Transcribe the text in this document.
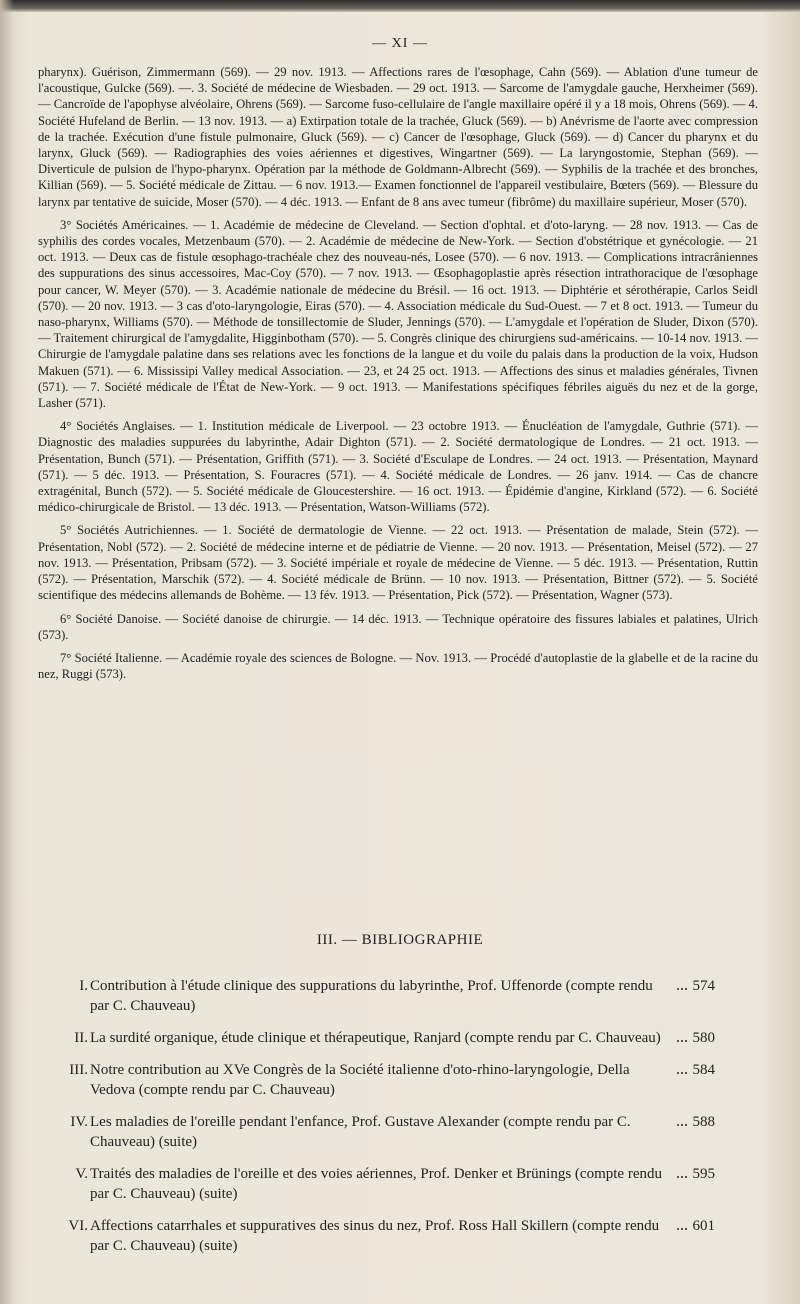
— XI —

pharynx). Guérison, Zimmermann (569). — 29 nov. 1913. — Affections rares de l'œsophage, Cahn (569). — Ablation d'une tumeur de l'acoustique, Gulcke (569). —. 3. Société de médecine de Wiesbaden. — 29 oct. 1913. — Sarcome de l'amygdale gauche, Herxheimer (569). — Cancroïde de l'apophyse alvéolaire, Ohrens (569). — Sarcome fuso-cellulaire de l'angle maxillaire opéré il y a 18 mois, Ohrens (569). — 4. Société Hufeland de Berlin. — 13 nov. 1913. — a) Extirpation totale de la trachée, Gluck (569). — b) Anévrisme de l'aorte avec compression de la trachée. Exécution d'une fistule pulmonaire, Gluck (569). — c) Cancer de l'œsophage, Gluck (569). — d) Cancer du pharynx et du larynx, Gluck (569). — Radiographies des voies aériennes et digestives, Wingartner (569). — La laryngostomie, Stephan (569). — Diverticule de pulsion de l'hypo-pharynx. Opération par la méthode de Goldmann-Albrecht (569). — Syphilis de la trachée et des bronches, Killian (569). — 5. Société médicale de Zittau. — 6 nov. 1913.— Examen fonctionnel de l'appareil vestibulaire, Bœters (569). — Blessure du larynx par tentative de suicide, Moser (570). — 4 déc. 1913. — Enfant de 8 ans avec tumeur (fibrôme) du maxillaire supérieur, Moser (570).

3° Sociétés Américaines. — 1. Académie de médecine de Cleveland. — Section d'ophtal. et d'oto-laryng. — 28 nov. 1913. — Cas de syphilis des cordes vocales, Metzenbaum (570). — 2. Académie de médecine de New-York. — Section d'obstétrique et gynécologie. — 21 oct. 1913. — Deux cas de fistule œsophago-trachéale chez des nouveau-nés, Losee (570). — 6 nov. 1913. — Complications intracrâniennes des suppurations des sinus accessoires, Mac-Coy (570). — 7 nov. 1913. — Œsophagoplastie après résection intrathoracique de l'œsophage pour cancer, W. Meyer (570). — 3. Académie nationale de médecine du Brésil. — 16 oct. 1913. — Diphtérie et sérothérapie, Carlos Seidl (570). — 20 nov. 1913. — 3 cas d'oto-laryngologie, Eiras (570). — 4. Association médicale du Sud-Ouest. — 7 et 8 oct. 1913. — Tumeur du naso-pharynx, Williams (570). — Méthode de tonsillectomie de Sluder, Jennings (570). — L'amygdale et l'opération de Sluder, Dixon (570). — Traitement chirurgical de l'amygdalite, Higginbotham (570). — 5. Congrès clinique des chirurgiens sud-américains. — 10-14 nov. 1913. — Chirurgie de l'amygdale palatine dans ses relations avec les fonctions de la langue et du voile du palais dans la production de la voix, Hudson Makuen (571). — 6. Mississipi Valley medical Association. — 23, et 24 25 oct. 1913. — Affections des sinus et maladies générales, Tivnen (571). — 7. Société médicale de l'État de New-York. — 9 oct. 1913. — Manifestations spécifiques fébriles aiguës du nez et de la gorge, Lasher (571).

4° Sociétés Anglaises. — 1. Institution médicale de Liverpool. — 23 octobre 1913. — Énucléation de l'amygdale, Guthrie (571). — Diagnostic des maladies suppurées du labyrinthe, Adair Dighton (571). — 2. Société dermatologique de Londres. — 21 oct. 1913. — Présentation, Bunch (571). — Présentation, Griffith (571). — 3. Société d'Esculape de Londres. — 24 oct. 1913. — Présentation, Maynard (571). — 5 déc. 1913. — Présentation, S. Fouracres (571). — 4. Société médicale de Londres. — 26 janv. 1914. — Cas de chancre extragénital, Bunch (572). — 5. Société médicale de Gloucestershire. — 16 oct. 1913. — Épidémie d'angine, Kirkland (572). — 6. Société médico-chirurgicale de Bristol. — 13 déc. 1913. — Présentation, Watson-Williams (572).

5° Sociétés Autrichiennes. — 1. Société de dermatologie de Vienne. — 22 oct. 1913. — Présentation de malade, Stein (572). — Présentation, Nobl (572). — 2. Société de médecine interne et de pédiatrie de Vienne. — 20 nov. 1913. — Présentation, Meisel (572). — 27 nov. 1913. — Présentation, Pribsam (572). — 3. Société impériale et royale de médecine de Vienne. — 5 déc. 1913. — Présentation, Ruttin (572). — Présentation, Marschik (572). — 4. Société médicale de Brünn. — 10 nov. 1913. — Présentation, Bittner (572). — 5. Société scientifique des médecins allemands de Bohème. — 13 fév. 1913. — Présentation, Pick (572). — Présentation, Wagner (573).

6° Société Danoise. — Société danoise de chirurgie. — 14 déc. 1913. — Technique opératoire des fissures labiales et palatines, Ulrich (573).

7° Société Italienne. — Académie royale des sciences de Bologne. — Nov. 1913. — Procédé d'autoplastie de la glabelle et de la racine du nez, Ruggi (573).

III. — BIBLIOGRAPHIE
I. Contribution à l'étude clinique des suppurations du labyrinthe, Prof. Uffenorde (compte rendu par C. Chauveau)
574
II. La surdité organique, étude clinique et thérapeutique, Ranjard (compte rendu par C. Chauveau)	580
III. Notre contribution au XVe Congrès de la Société italienne d'oto-rhino-laryngologie, Della Vedova (compte rendu par C. Chauveau)
584
IV. Les maladies de l'oreille pendant l'enfance, Prof. Gustave Alexander (compte rendu par C. Chauveau) (suite)
588
V. Traités des maladies de l'oreille et des voies aériennes, Prof. Denker et Brünings (compte rendu par C. Chauveau) (suite)
595
VI. Affections catarrhales et suppuratives des sinus du nez, Prof. Ross Hall Skillern (compte rendu par C. Chauveau) (suite)
601
